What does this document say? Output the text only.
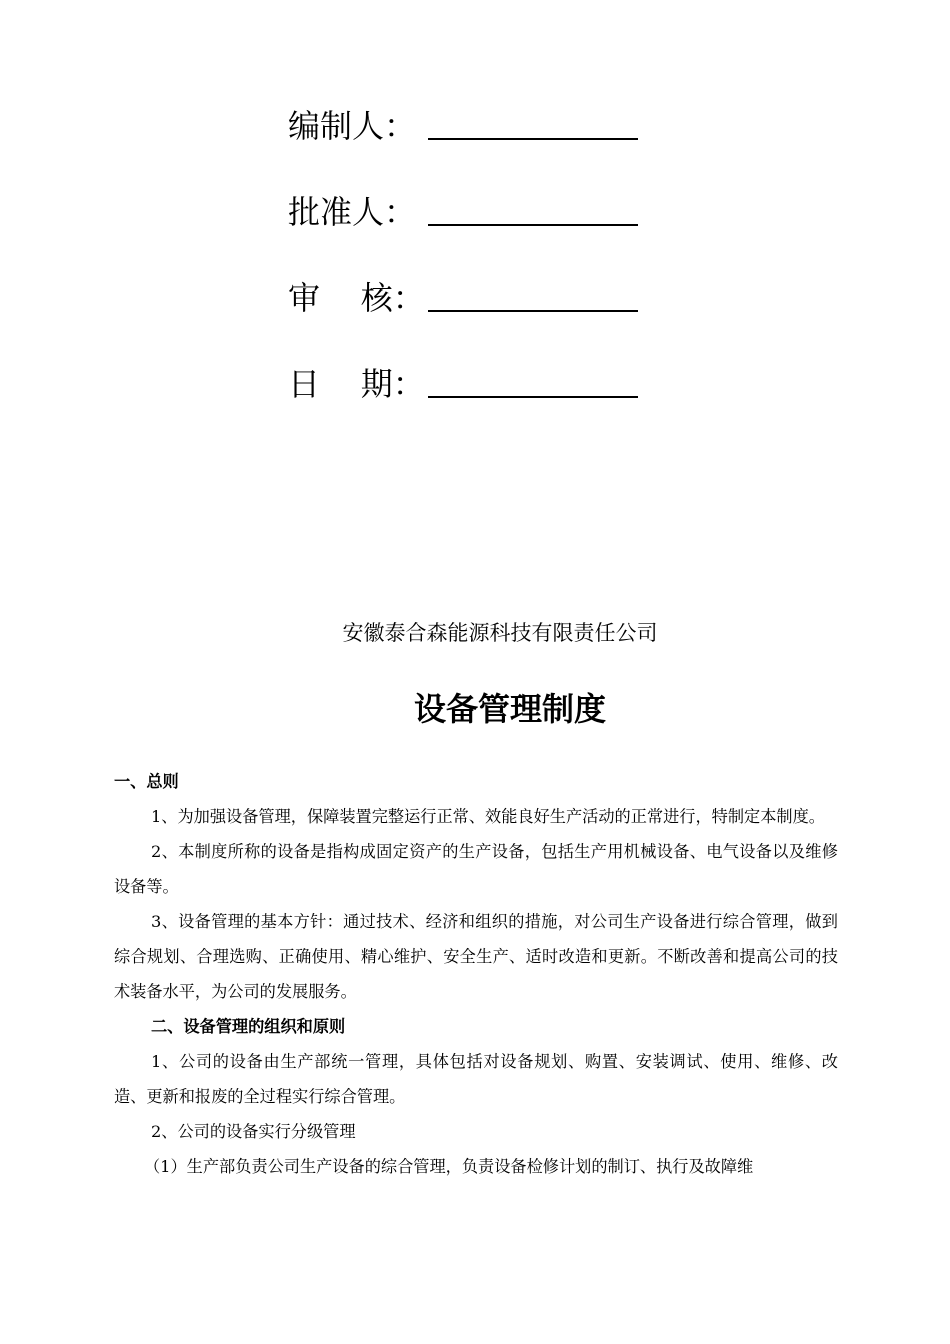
编制人：
批准人：
审    核：
日    期：
安徽泰合森能源科技有限责任公司
设备管理制度
一、总则
1、为加强设备管理，保障装置完整运行正常、效能良好生产活动的正常进行，特制定本制度。
2、本制度所称的设备是指构成固定资产的生产设备，包括生产用机械设备、电气设备以及维修设备等。
3、设备管理的基本方针：通过技术、经济和组织的措施，对公司生产设备进行综合管理，做到综合规划、合理选购、正确使用、精心维护、安全生产、适时改造和更新。不断改善和提高公司的技术装备水平，为公司的发展服务。
二、设备管理的组织和原则
1、公司的设备由生产部统一管理，具体包括对设备规划、购置、安装调试、使用、维修、改造、更新和报废的全过程实行综合管理。
2、公司的设备实行分级管理
（1）生产部负责公司生产设备的综合管理，负责设备检修计划的制订、执行及故障维
